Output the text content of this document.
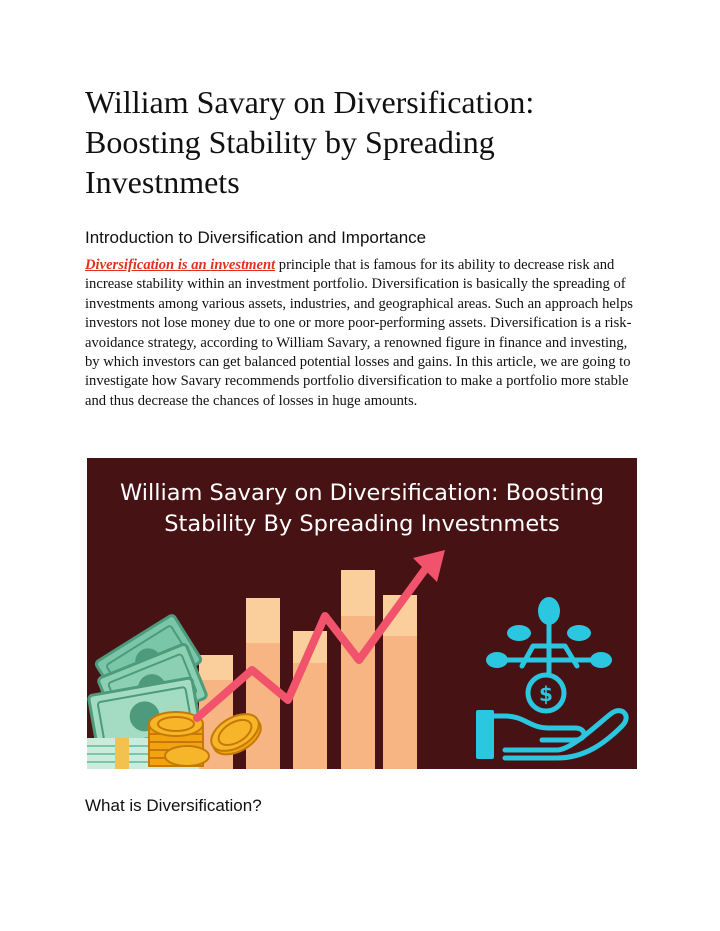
William Savary on Diversification: Boosting Stability by Spreading Investnmets
Introduction to Diversification and Importance

Diversification is an investment principle that is famous for its ability to decrease risk and increase stability within an investment portfolio. Diversification is basically the spreading of investments among various assets, industries, and geographical areas. Such an approach helps investors not lose money due to one or more poor-performing assets. Diversification is a risk-avoidance strategy, according to William Savary, a renowned figure in finance and investing, by which investors can get balanced potential losses and gains. In this article, we are going to investigate how Savary recommends portfolio diversification to make a portfolio more stable and thus decrease the chances of losses in huge amounts.

William Savary on Diversification: Boosting
Stability By Spreading Investnmets
$
What is Diversification?
